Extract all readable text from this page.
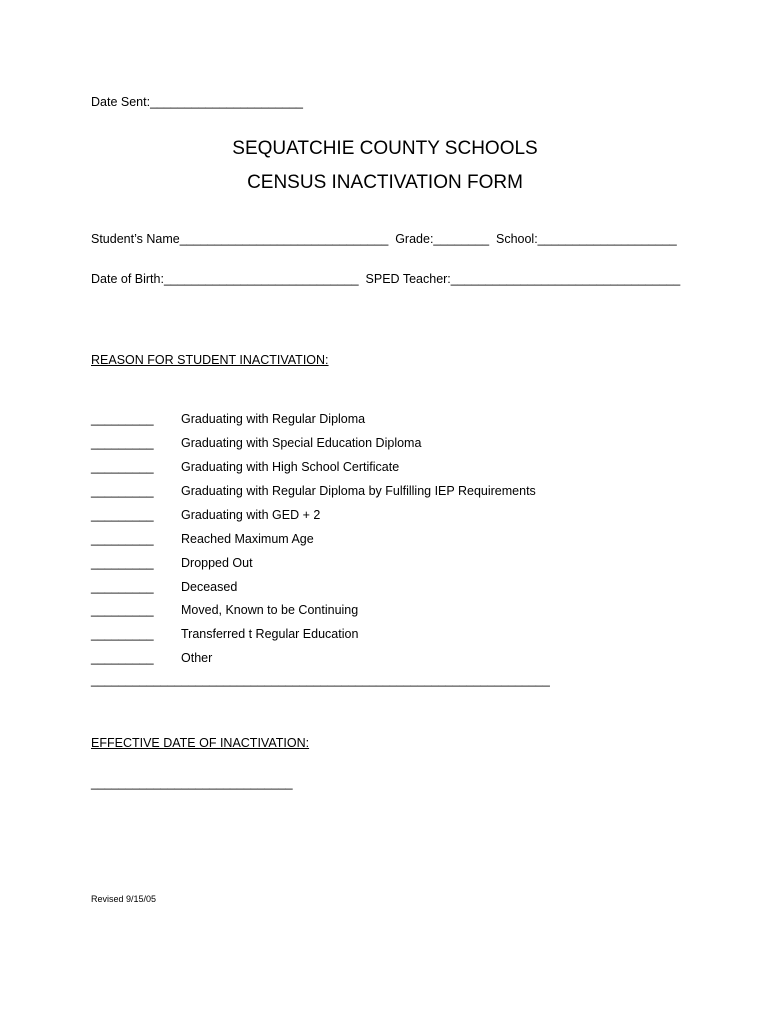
Date Sent:______________________
SEQUATCHIE COUNTY SCHOOLS
CENSUS INACTIVATION FORM
Student’s Name______________________________  Grade:________  School:____________________
Date of Birth:____________________________  SPED Teacher:_________________________________
REASON FOR STUDENT INACTIVATION:

_________

Graduating with Regular Diploma

_________

Graduating with Special Education Diploma

_________

Graduating with High School Certificate

_________

Graduating with Regular Diploma by Fulfilling IEP Requirements

_________

Graduating with GED + 2

_________

Reached Maximum Age

_________

Dropped Out

_________

Deceased

_________

Moved, Known to be Continuing

_________

Transferred t Regular Education

_________

Other

__________________________________________________________________
EFFECTIVE DATE OF INACTIVATION:
_____________________________
Revised 9/15/05
